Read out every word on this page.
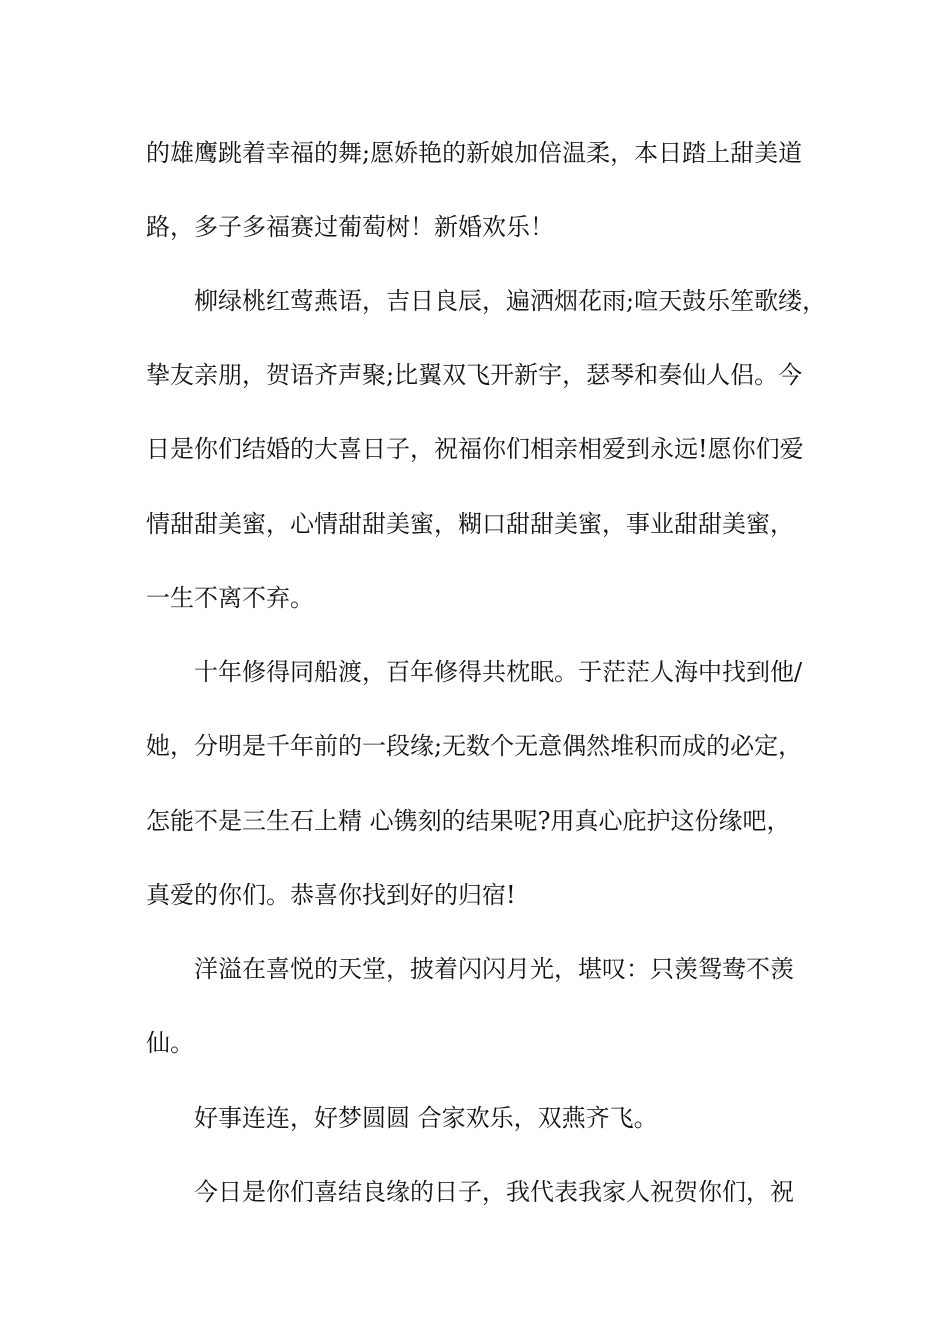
的雄鹰跳着幸福的舞;愿娇艳的新娘加倍温柔，本日踏上甜美道
路，多子多福赛过葡萄树！新婚欢乐！
柳绿桃红莺燕语，吉日良辰，遍洒烟花雨;喧天鼓乐笙歌缕，
挚友亲朋，贺语齐声聚;比翼双飞开新宇，瑟琴和奏仙人侣。今
日是你们结婚的大喜日子，祝福你们相亲相爱到永远!愿你们爱
情甜甜美蜜，心情甜甜美蜜，糊口甜甜美蜜，事业甜甜美蜜，
一生不离不弃。
十年修得同船渡，百年修得共枕眠。于茫茫人海中找到他/
她，分明是千年前的一段缘;无数个无意偶然堆积而成的必定，
怎能不是三生石上精 心镌刻的结果呢?用真心庇护这份缘吧，
真爱的你们。恭喜你找到好的归宿!
洋溢在喜悦的天堂，披着闪闪月光，堪叹：只羡鸳鸯不羡
仙。
好事连连，好梦圆圆 合家欢乐，双燕齐飞。
今日是你们喜结良缘的日子，我代表我家人祝贺你们，祝
